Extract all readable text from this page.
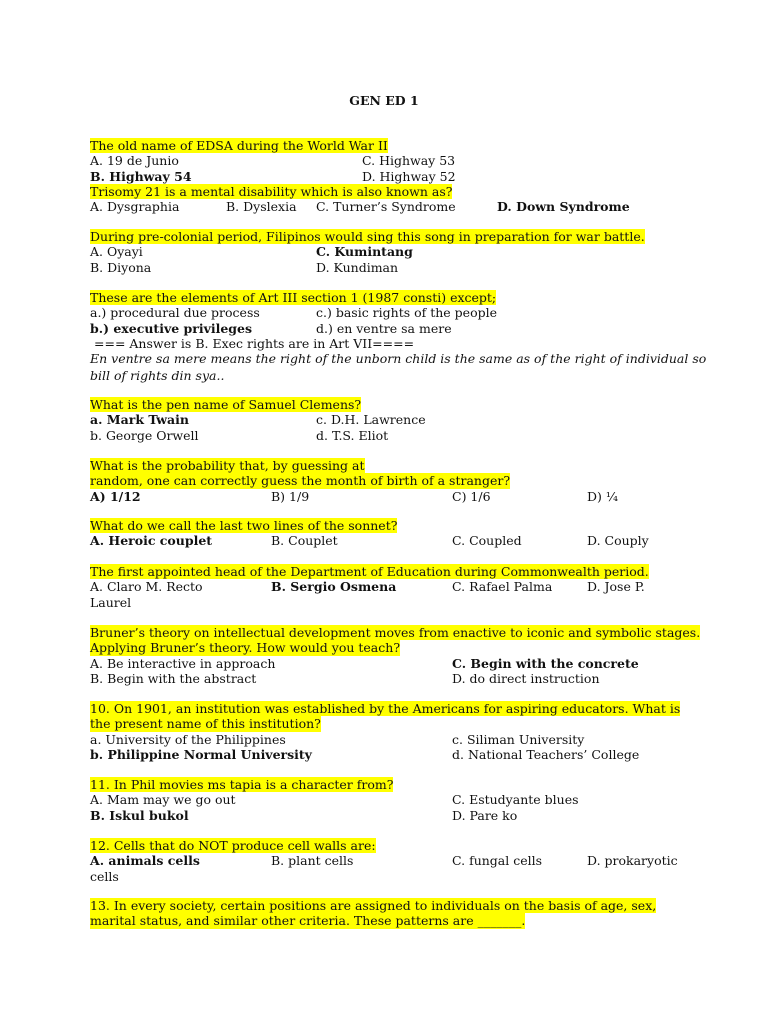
GEN ED 1
The old name of EDSA during the World War II
A. 19 de Junio	C. Highway 53
B. Highway 54	D. Highway 52
Trisomy 21 is a mental disability which is also known as?
A. Dysgraphia	B. Dyslexia C. Turner’s Syndrome	D. Down Syndrome
During pre-colonial period, Filipinos would sing this song in preparation for war battle.
A. Oyayi	C. Kumintang
B. Diyona	D. Kundiman
These are the elements of Art III section 1 (1987 consti) except;
a.) procedural due process	c.) basic rights of the people
b.) executive privileges	d.) en ventre sa mere
=== Answer is B. Exec rights are in Art VII====
En ventre sa mere means the right of the unborn child is the same as of the right of individual so
bill of rights din sya..
What is the pen name of Samuel Clemens?
a. Mark Twain	c. D.H. Lawrence
b. George Orwell	d. T.S. Eliot
What is the probability that, by guessing at
random, one can correctly guess the month of birth of a stranger?
A) 1/12	B) 1/9	C) 1/6	D) ¼
What do we call the last two lines of the sonnet?
A. Heroic couplet	B. Couplet	C. Coupled	D. Couply
The first appointed head of the Department of Education during Commonwealth period.
A. Claro M. Recto	B. Sergio Osmena	C. Rafael Palma	D. Jose P.
Laurel
Bruner’s theory on intellectual development moves from enactive to iconic and symbolic stages.
Applying Bruner’s theory. How would you teach?
A. Be interactive in approach	C. Begin with the concrete
B. Begin with the abstract	D. do direct instruction
10. On 1901, an institution was established by the Americans for aspiring educators. What is
the present name of this institution?
a. University of the Philippines	c. Siliman University
b. Philippine Normal University	d. National Teachers’ College
11. In Phil movies ms tapia is a character from?
A. Mam may we go out	C. Estudyante blues
B. Iskul bukol	D. Pare ko
12. Cells that do NOT produce cell walls are:
A. animals cells	B. plant cells	C. fungal cells	D. prokaryotic
cells
13. In every society, certain positions are assigned to individuals on the basis of age, sex,
marital status, and similar other criteria. These patterns are _______.
